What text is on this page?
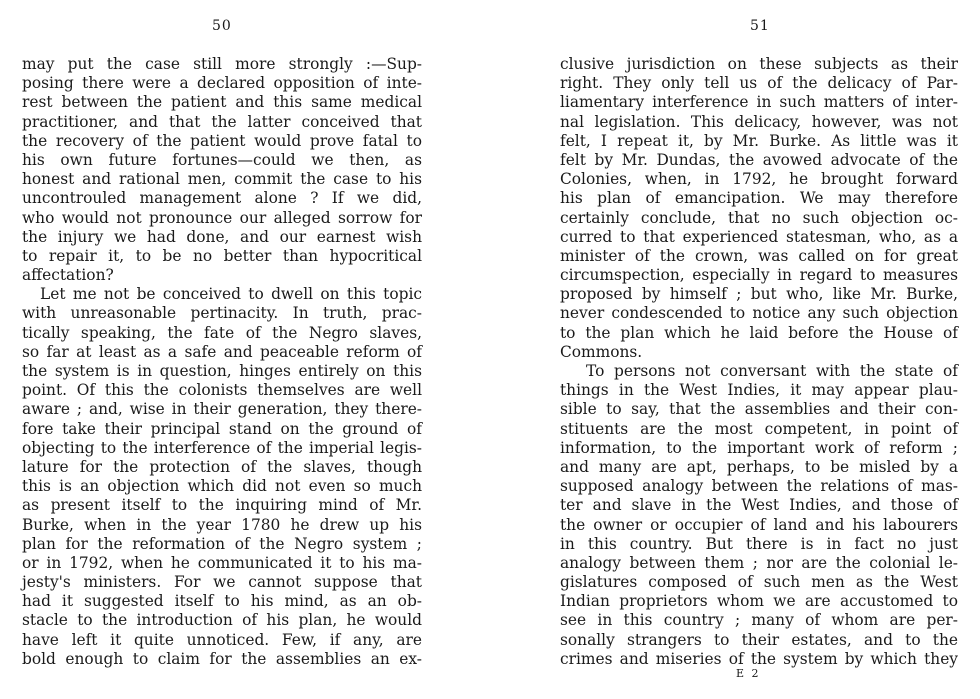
50
may put the case still more strongly :—Sup-
posing there were a declared opposition of inte-
rest between the patient and this same medical
practitioner, and that the latter conceived that
the recovery of the patient would prove fatal to
his own future fortunes—could we then, as
honest and rational men, commit the case to his
uncontrouled management alone ? If we did,
who would not pronounce our alleged sorrow for
the injury we had done, and our earnest wish
to repair it, to be no better than hypocritical
affectation?
Let me not be conceived to dwell on this topic
with unreasonable pertinacity. In truth, prac-
tically speaking, the fate of the Negro slaves,
so far at least as a safe and peaceable reform of
the system is in question, hinges entirely on this
point. Of this the colonists themselves are well
aware ; and, wise in their generation, they there-
fore take their principal stand on the ground of
objecting to the interference of the imperial legis-
lature for the protection of the slaves, though
this is an objection which did not even so much
as present itself to the inquiring mind of Mr.
Burke, when in the year 1780 he drew up his
plan for the reformation of the Negro system ;
or in 1792, when he communicated it to his ma-
jesty's ministers. For we cannot suppose that
had it suggested itself to his mind, as an ob-
stacle to the introduction of his plan, he would
have left it quite unnoticed. Few, if any, are
bold enough to claim for the assemblies an ex-
51
clusive jurisdiction on these subjects as their
right. They only tell us of the delicacy of Par-
liamentary interference in such matters of inter-
nal legislation. This delicacy, however, was not
felt, I repeat it, by Mr. Burke. As little was it
felt by Mr. Dundas, the avowed advocate of the
Colonies, when, in 1792, he brought forward
his plan of emancipation. We may therefore
certainly conclude, that no such objection oc-
curred to that experienced statesman, who, as a
minister of the crown, was called on for great
circumspection, especially in regard to measures
proposed by himself ; but who, like Mr. Burke,
never condescended to notice any such objection
to the plan which he laid before the House of
Commons.
To persons not conversant with the state of
things in the West Indies, it may appear plau-
sible to say, that the assemblies and their con-
stituents are the most competent, in point of
information, to the important work of reform ;
and many are apt, perhaps, to be misled by a
supposed analogy between the relations of mas-
ter and slave in the West Indies, and those of
the owner or occupier of land and his labourers
in this country. But there is in fact no just
analogy between them ; nor are the colonial le-
gislatures composed of such men as the West
Indian proprietors whom we are accustomed to
see in this country ; many of whom are per-
sonally strangers to their estates, and to the
crimes and miseries of the system by which they
E 2
